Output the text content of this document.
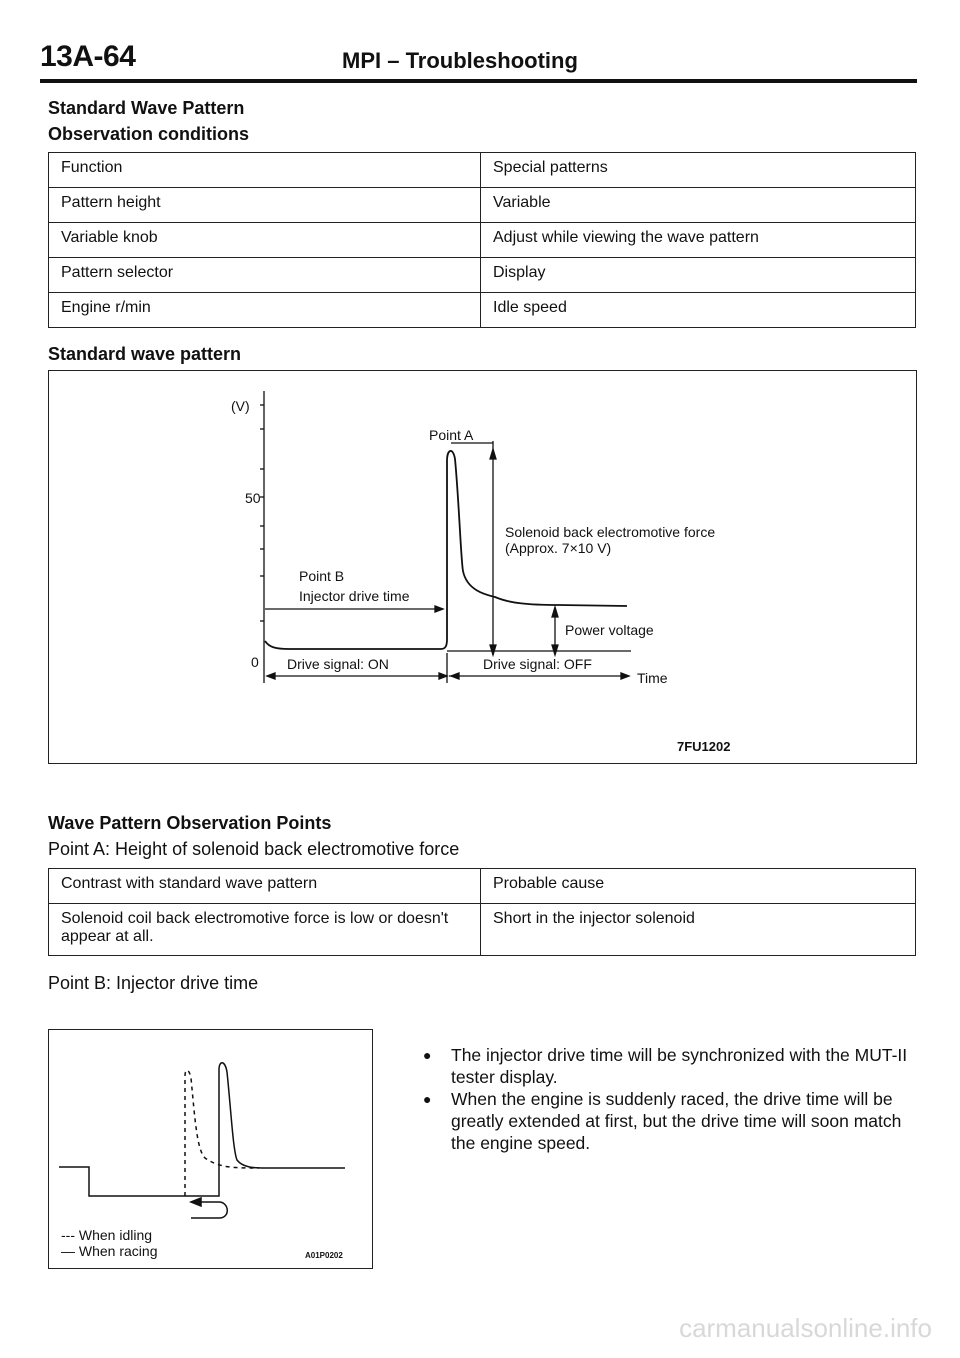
13A-64	MPI – Troubleshooting
Standard Wave Pattern
Observation conditions
Function	Special patterns
Pattern height	Variable
Variable knob	Adjust while viewing the wave pattern
Pattern selector	Display
Engine r/min	Idle speed
Standard wave pattern
(V)
50
0
Point A
Solenoid back electromotive force
(Approx. 7×10 V)
Point B
Injector drive time
Power voltage
Drive signal: ON	Drive signal: OFF
Time
7FU1202
Wave Pattern Observation Points
Point A: Height of solenoid back electromotive force
Contrast with standard wave pattern	Probable cause
Solenoid coil back electromotive force is low or doesn't appear at all.	Short in the injector solenoid
Point B: Injector drive time
--- When idling
— When racing	A01P0202
●	The injector drive time will be synchronized with the MUT-II tester display.
●	When the engine is suddenly raced, the drive time will be greatly extended at first, but the drive time will soon match the engine speed.
carmanualsonline.info
